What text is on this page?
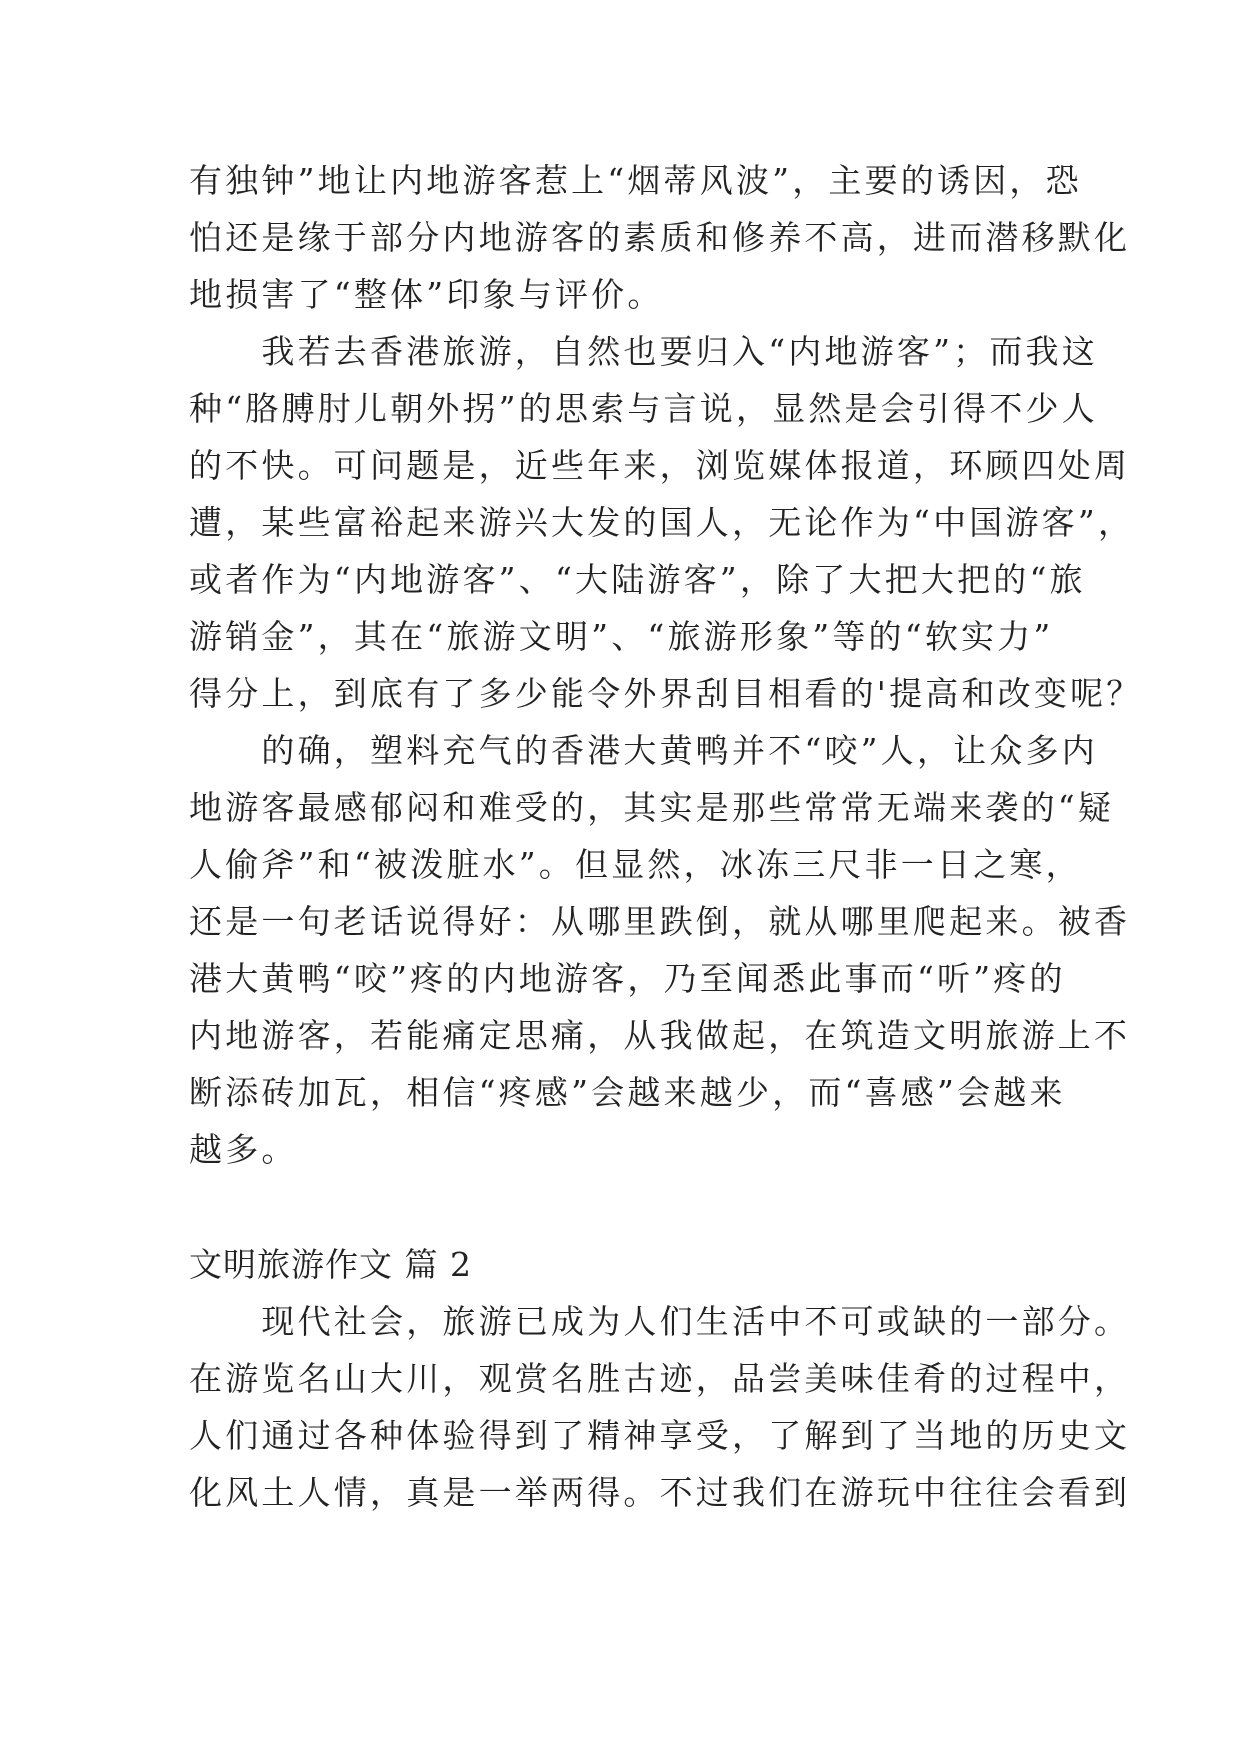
有独钟”地让内地游客惹上“烟蒂风波”，主要的诱因，恐
怕还是缘于部分内地游客的素质和修养不高，进而潜移默化
地损害了“整体”印象与评价。
　　我若去香港旅游，自然也要归入“内地游客”；而我这
种“胳膊肘儿朝外拐”的思索与言说，显然是会引得不少人
的不快。可问题是，近些年来，浏览媒体报道，环顾四处周
遭，某些富裕起来游兴大发的国人，无论作为“中国游客”，
或者作为“内地游客”、“大陆游客”，除了大把大把的“旅
游销金”，其在“旅游文明”、“旅游形象”等的“软实力”
得分上，到底有了多少能令外界刮目相看的'提高和改变呢？
　　的确，塑料充气的香港大黄鸭并不“咬”人，让众多内
地游客最感郁闷和难受的，其实是那些常常无端来袭的“疑
人偷斧”和“被泼脏水”。但显然，冰冻三尺非一日之寒，
还是一句老话说得好：从哪里跌倒，就从哪里爬起来。被香
港大黄鸭“咬”疼的内地游客，乃至闻悉此事而“听”疼的
内地游客，若能痛定思痛，从我做起，在筑造文明旅游上不
断添砖加瓦，相信“疼感”会越来越少，而“喜感”会越来
越多。
文明旅游作文 篇 2
　　现代社会，旅游已成为人们生活中不可或缺的一部分。
在游览名山大川，观赏名胜古迹，品尝美味佳肴的过程中，
人们通过各种体验得到了精神享受，了解到了当地的历史文
化风土人情，真是一举两得。不过我们在游玩中往往会看到
